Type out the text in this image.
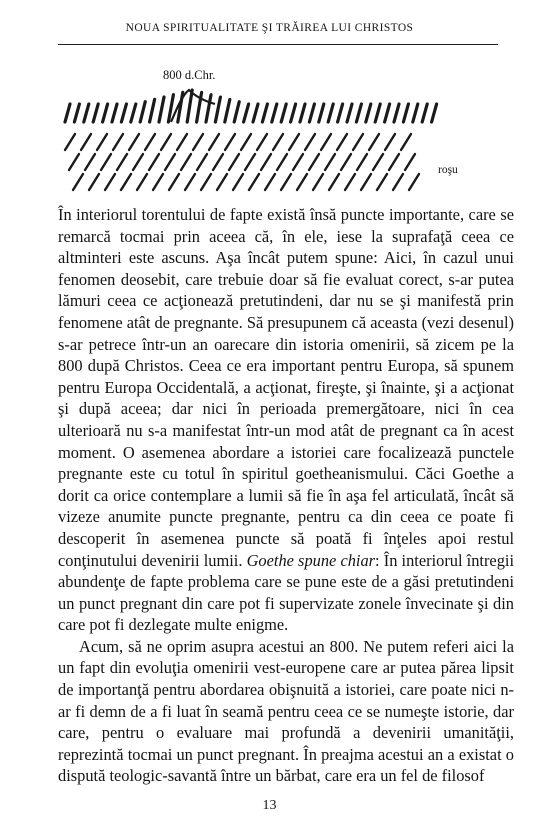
NOUA SPIRITUALITATE ŞI TRĂIREA LUI CHRISTOS
800 d.Chr.
roşu

În interiorul torentului de fapte există însă puncte importante, care se remarcă tocmai prin aceea că, în ele, iese la suprafaţă ceea ce altminteri este ascuns. Aşa încât putem spune: Aici, în cazul unui fenomen deosebit, care trebuie doar să fie evaluat corect, s-ar putea lămuri ceea ce acţionează pretutindeni, dar nu se şi manifestă prin fenomene atât de pregnante. Să presupunem că aceasta (vezi desenul) s-ar petrece într-un an oarecare din istoria omenirii, să zicem pe la 800 după Christos. Ceea ce era important pentru Europa, să spunem pentru Europa Occidentală, a acţionat, fireşte, şi înainte, şi a acţionat şi după aceea; dar nici în perioada premergătoare, nici în cea ulterioară nu s-a manifestat într-un mod atât de pregnant ca în acest moment. O asemenea abordare a istoriei care focalizează punctele pregnante este cu totul în spiritul goetheanismului. Căci Goethe a dorit ca orice contemplare a lumii să fie în aşa fel articulată, încât să vizeze anumite puncte pregnante, pentru ca din ceea ce poate fi descoperit în asemenea puncte să poată fi înţeles apoi restul conţinutului devenirii lumii. Goethe spune chiar: În interiorul întregii abundenţe de fapte problema care se pune este de a găsi pretutindeni un punct pregnant din care pot fi supervizate zonele învecinate şi din care pot fi dezlegate multe enigme.

Acum, să ne oprim asupra acestui an 800. Ne putem referi aici la un fapt din evoluţia omenirii vest-europene care ar putea părea lipsit de importanţă pentru abordarea obişnuită a istoriei, care poate nici n-ar fi demn de a fi luat în seamă pentru ceea ce se numeşte istorie, dar care, pentru o evaluare mai profundă a devenirii umanităţii, reprezintă tocmai un punct pregnant. În preajma acestui an a existat o dispută teologic-savantă între un bărbat, care era un fel de filosof

13
